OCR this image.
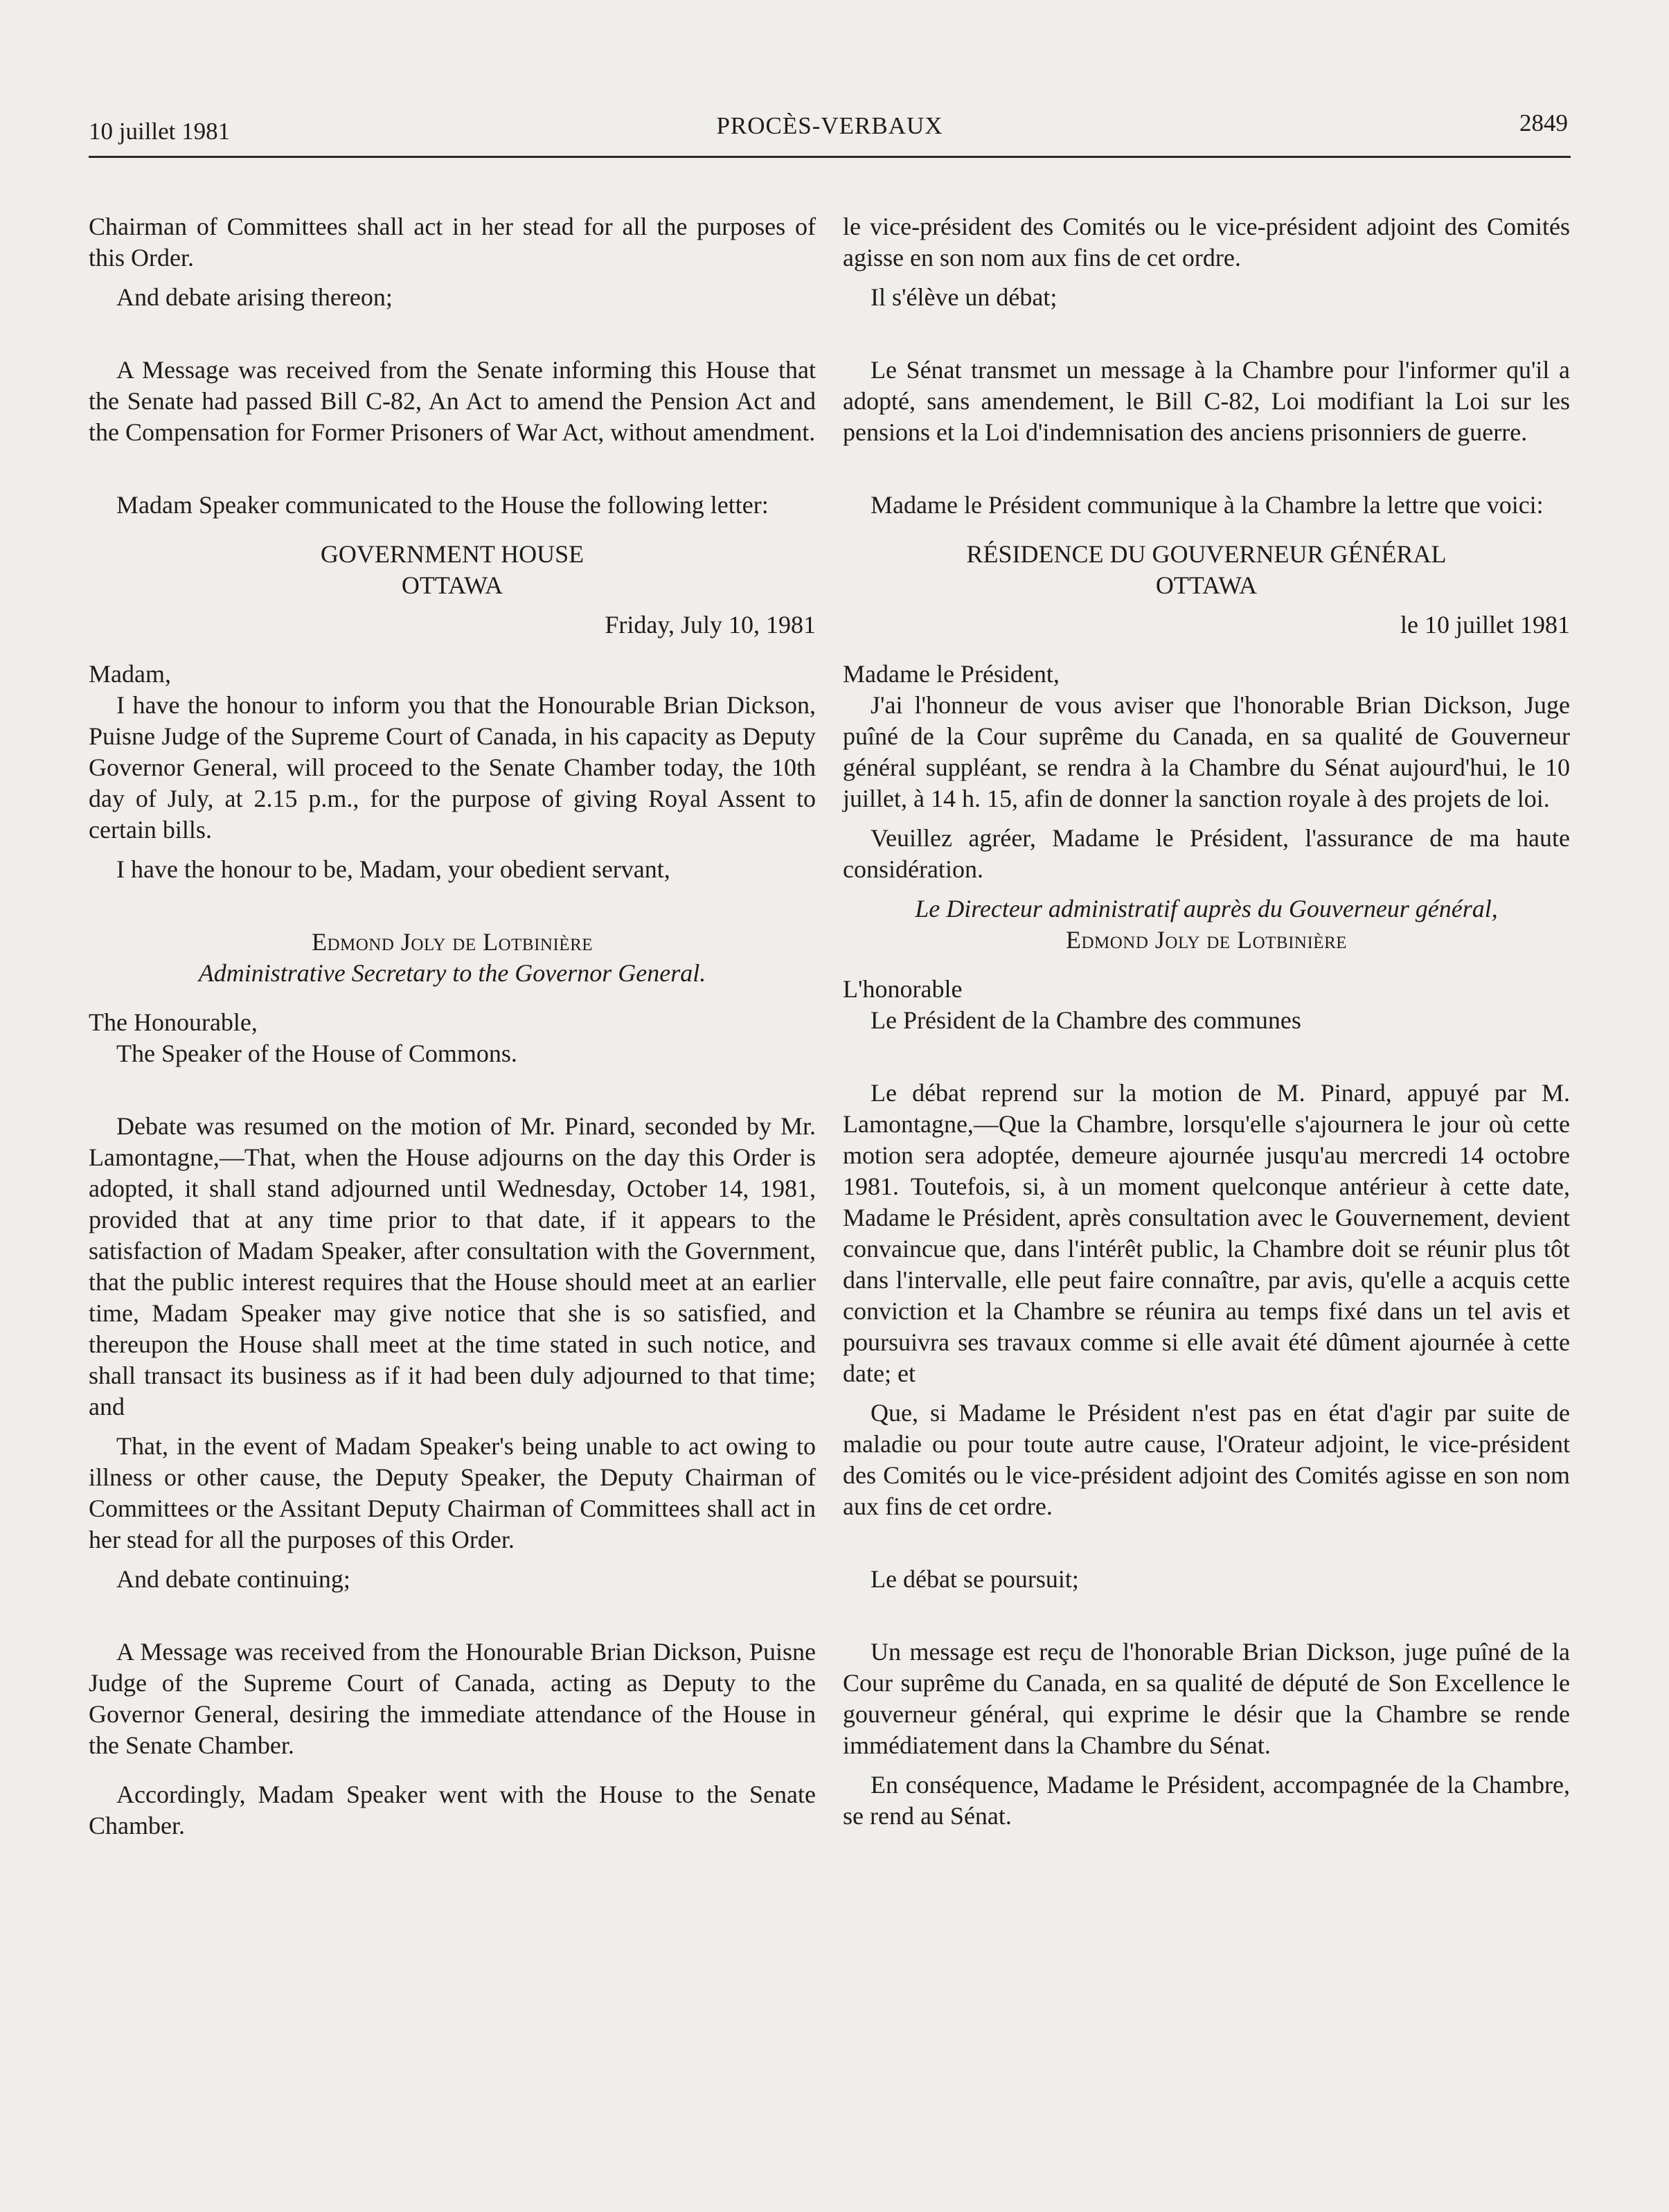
10 juillet 1981	PROCÈS-VERBAUX	2849

Chairman of Committees shall act in her stead for all the purposes of this Order.

And debate arising thereon;

A Message was received from the Senate informing this House that the Senate had passed Bill C-82, An Act to amend the Pension Act and the Compensation for Former Prisoners of War Act, without amendment.

Madam Speaker communicated to the House the following letter:

GOVERNMENT HOUSE

OTTAWA

Friday, July 10, 1981

Madam,

I have the honour to inform you that the Honourable Brian Dickson, Puisne Judge of the Supreme Court of Canada, in his capacity as Deputy Governor General, will proceed to the Senate Chamber today, the 10th day of July, at 2.15 p.m., for the purpose of giving Royal Assent to certain bills.

I have the honour to be, Madam, your obedient servant,

Edmond Joly de Lotbinière

Administrative Secretary to the Governor General.

The Honourable,

The Speaker of the House of Commons.

Debate was resumed on the motion of Mr. Pinard, seconded by Mr. Lamontagne,—That, when the House adjourns on the day this Order is adopted, it shall stand adjourned until Wednesday, October 14, 1981, provided that at any time prior to that date, if it appears to the satisfaction of Madam Speaker, after consultation with the Government, that the public interest requires that the House should meet at an earlier time, Madam Speaker may give notice that she is so satisfied, and thereupon the House shall meet at the time stated in such notice, and shall transact its business as if it had been duly adjourned to that time; and

That, in the event of Madam Speaker's being unable to act owing to illness or other cause, the Deputy Speaker, the Deputy Chairman of Committees or the Assitant Deputy Chairman of Committees shall act in her stead for all the purposes of this Order.

And debate continuing;

A Message was received from the Honourable Brian Dickson, Puisne Judge of the Supreme Court of Canada, acting as Deputy to the Governor General, desiring the immediate attendance of the House in the Senate Chamber.

Accordingly, Madam Speaker went with the House to the Senate Chamber.

le vice-président des Comités ou le vice-président adjoint des Comités agisse en son nom aux fins de cet ordre.

Il s'élève un débat;

Le Sénat transmet un message à la Chambre pour l'informer qu'il a adopté, sans amendement, le Bill C-82, Loi modifiant la Loi sur les pensions et la Loi d'indemnisation des anciens prisonniers de guerre.

Madame le Président communique à la Chambre la lettre que voici:

RÉSIDENCE DU GOUVERNEUR GÉNÉRAL

OTTAWA

le 10 juillet 1981

Madame le Président,

J'ai l'honneur de vous aviser que l'honorable Brian Dickson, Juge puîné de la Cour suprême du Canada, en sa qualité de Gouverneur général suppléant, se rendra à la Chambre du Sénat aujourd'hui, le 10 juillet, à 14 h. 15, afin de donner la sanction royale à des projets de loi.

Veuillez agréer, Madame le Président, l'assurance de ma haute considération.

Le Directeur administratif auprès du Gouverneur général,

Edmond Joly de Lotbinière

L'honorable

Le Président de la Chambre des communes

Le débat reprend sur la motion de M. Pinard, appuyé par M. Lamontagne,—Que la Chambre, lorsqu'elle s'ajournera le jour où cette motion sera adoptée, demeure ajournée jusqu'au mercredi 14 octobre 1981. Toutefois, si, à un moment quelconque antérieur à cette date, Madame le Président, après consultation avec le Gouvernement, devient convaincue que, dans l'intérêt public, la Chambre doit se réunir plus tôt dans l'intervalle, elle peut faire connaître, par avis, qu'elle a acquis cette conviction et la Chambre se réunira au temps fixé dans un tel avis et poursuivra ses travaux comme si elle avait été dûment ajournée à cette date; et

Que, si Madame le Président n'est pas en état d'agir par suite de maladie ou pour toute autre cause, l'Orateur adjoint, le vice-président des Comités ou le vice-président adjoint des Comités agisse en son nom aux fins de cet ordre.

Le débat se poursuit;

Un message est reçu de l'honorable Brian Dickson, juge puîné de la Cour suprême du Canada, en sa qualité de député de Son Excellence le gouverneur général, qui exprime le désir que la Chambre se rende immédiatement dans la Chambre du Sénat.

En conséquence, Madame le Président, accompagnée de la Chambre, se rend au Sénat.
